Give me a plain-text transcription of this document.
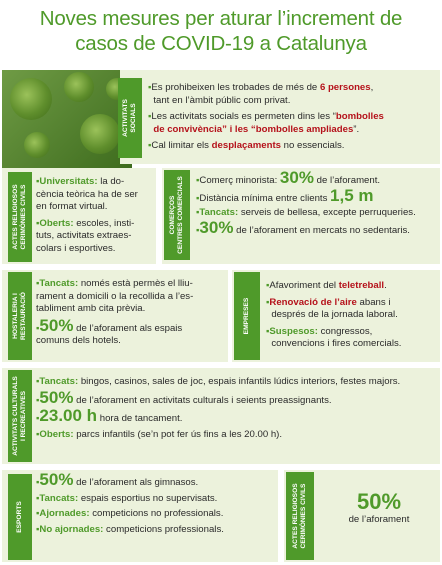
Noves mesures per aturar l’increment de
casos de COVID-19 a Catalunya
ACTIVITATS SOCIALS

▪Es prohibeixen les trobades de més de 6 persones,
tant en l’àmbit públic com privat.

▪Les activitats socials es permeten dins les “bombolles
de convivència” i les “bombolles ampliades”.

▪Cal limitar els desplaçaments no essencials.

ACTES RELIGIOSOS CERIMÒNIES CIVILS

▪Universitats: la do-
cència teòrica ha de ser
en format virtual.

▪Oberts: escoles, insti-
tuts, activitats extraes-
colars i esportives.

COMERÇOS CENTRES COMERCIALS ▪Comerç minorista: 30% de l’aforament.

▪Distància mínima entre clients 1,5 m

▪Tancats: serveis de bellesa, excepte perruqueries.

▪30% de l’aforament en mercats no sedentaris.

HOSTALERIA I RESTAURACIÓ

▪Tancats: només està permès el lliu-
rament a domicili o la recollida a l’es-
tabliment amb cita prèvia.

▪50% de l’aforament als espais
comuns dels hotels.

EMPRESES

▪Afavoriment del teletreball.

▪Renovació de l’aire abans i
després de la jornada laboral.

▪Suspesos: congressos,
convencions i fires comercials.

ACTIVITATS CULTURALS I RECREATIVES

▪Tancats: bingos, casinos, sales de joc, espais infantils lúdics interiors, festes majors.

▪50% de l’aforament en activitats culturals i seients preassignants.

▪23.00 h hora de tancament.

▪Oberts: parcs infantils (se’n pot fer ús fins a les 20.00 h).

ESPORTS

▪50% de l’aforament als gimnasos.

▪Tancats: espais esportius no supervisats.

▪Ajornades: competicions no professionals.

▪No ajornades: competicions professionals.	ACTES RELIGIOSOS CERIMÒNIES CIVILS	50%
de l’aforament
